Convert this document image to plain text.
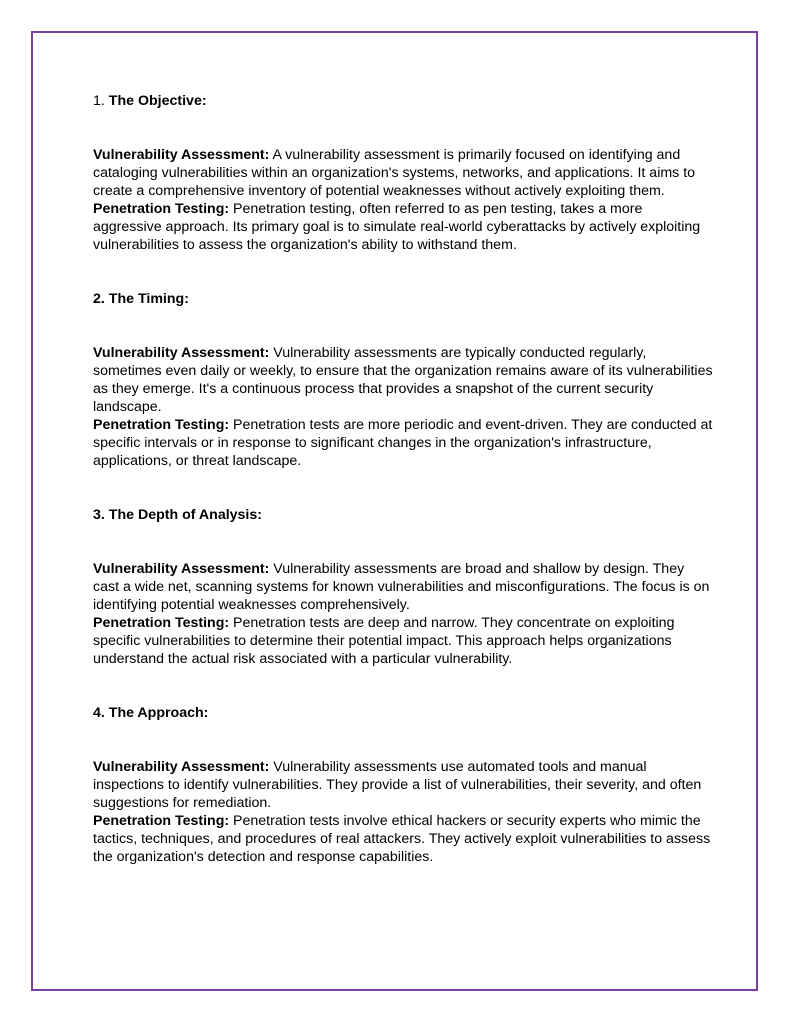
1. The Objective:

Vulnerability Assessment: A vulnerability assessment is primarily focused on identifying and cataloging vulnerabilities within an organization's systems, networks, and applications. It aims to create a comprehensive inventory of potential weaknesses without actively exploiting them.

Penetration Testing: Penetration testing, often referred to as pen testing, takes a more aggressive approach. Its primary goal is to simulate real-world cyberattacks by actively exploiting vulnerabilities to assess the organization's ability to withstand them.

2. The Timing:

Vulnerability Assessment: Vulnerability assessments are typically conducted regularly, sometimes even daily or weekly, to ensure that the organization remains aware of its vulnerabilities as they emerge. It's a continuous process that provides a snapshot of the current security landscape.

Penetration Testing: Penetration tests are more periodic and event-driven. They are conducted at specific intervals or in response to significant changes in the organization's infrastructure, applications, or threat landscape.

3. The Depth of Analysis:

Vulnerability Assessment: Vulnerability assessments are broad and shallow by design. They cast a wide net, scanning systems for known vulnerabilities and misconfigurations. The focus is on identifying potential weaknesses comprehensively.

Penetration Testing: Penetration tests are deep and narrow. They concentrate on exploiting specific vulnerabilities to determine their potential impact. This approach helps organizations understand the actual risk associated with a particular vulnerability.

4. The Approach:

Vulnerability Assessment: Vulnerability assessments use automated tools and manual inspections to identify vulnerabilities. They provide a list of vulnerabilities, their severity, and often suggestions for remediation.

Penetration Testing: Penetration tests involve ethical hackers or security experts who mimic the tactics, techniques, and procedures of real attackers. They actively exploit vulnerabilities to assess the organization's detection and response capabilities.
